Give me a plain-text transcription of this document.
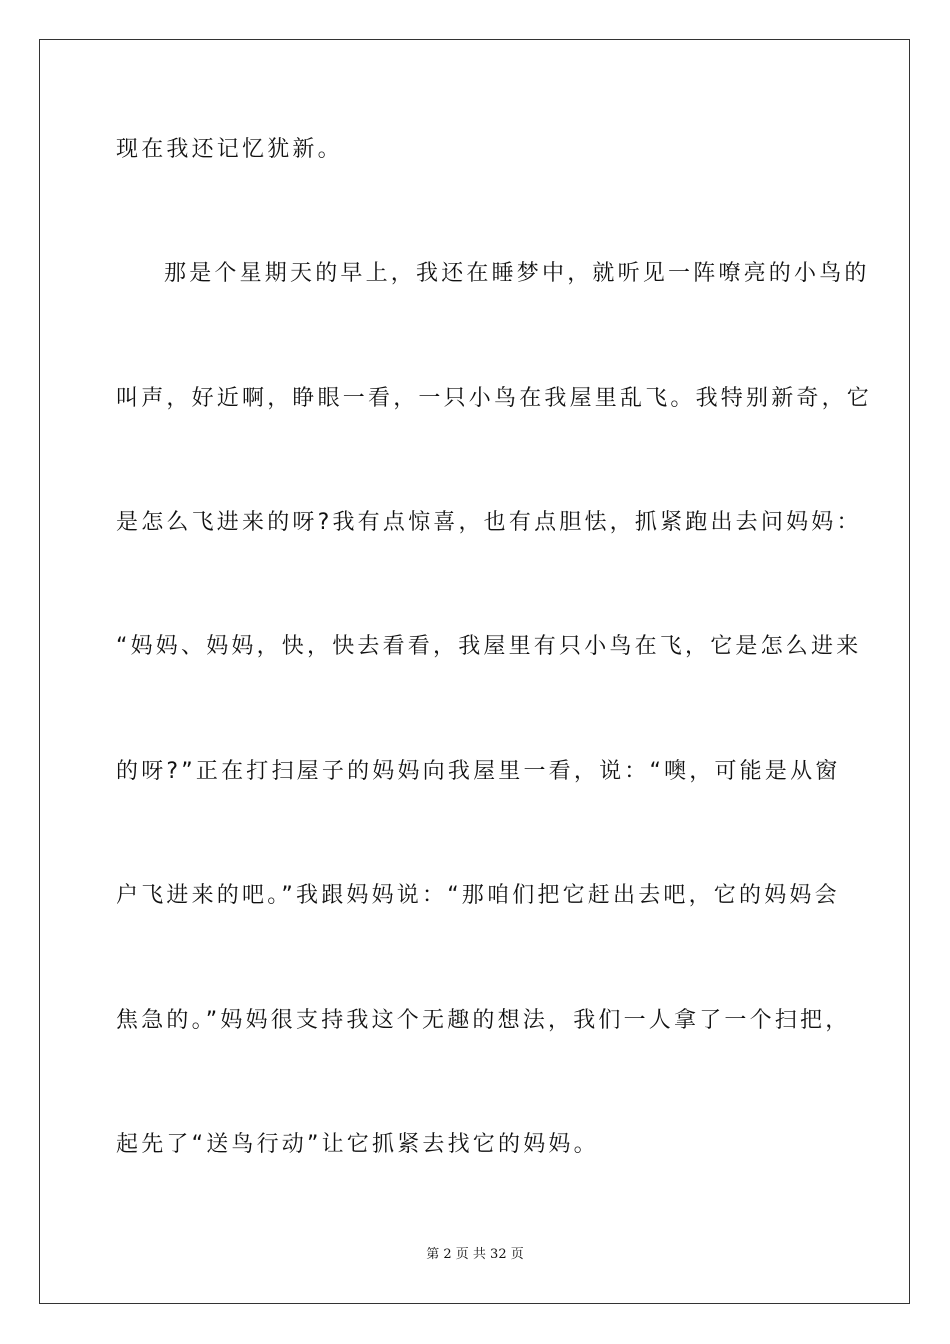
现在我还记忆犹新。
那是个星期天的早上，我还在睡梦中，就听见一阵嘹亮的小鸟的
叫声，好近啊，睁眼一看，一只小鸟在我屋里乱飞。我特别新奇，它
是怎么飞进来的呀?我有点惊喜，也有点胆怯，抓紧跑出去问妈妈：
“妈妈、妈妈，快，快去看看，我屋里有只小鸟在飞，它是怎么进来
的呀?”正在打扫屋子的妈妈向我屋里一看，说：“噢，可能是从窗
户飞进来的吧。”我跟妈妈说：“那咱们把它赶出去吧，它的妈妈会
焦急的。”妈妈很支持我这个无趣的想法，我们一人拿了一个扫把，
起先了“送鸟行动”让它抓紧去找它的妈妈。
第 2 页 共 32 页
